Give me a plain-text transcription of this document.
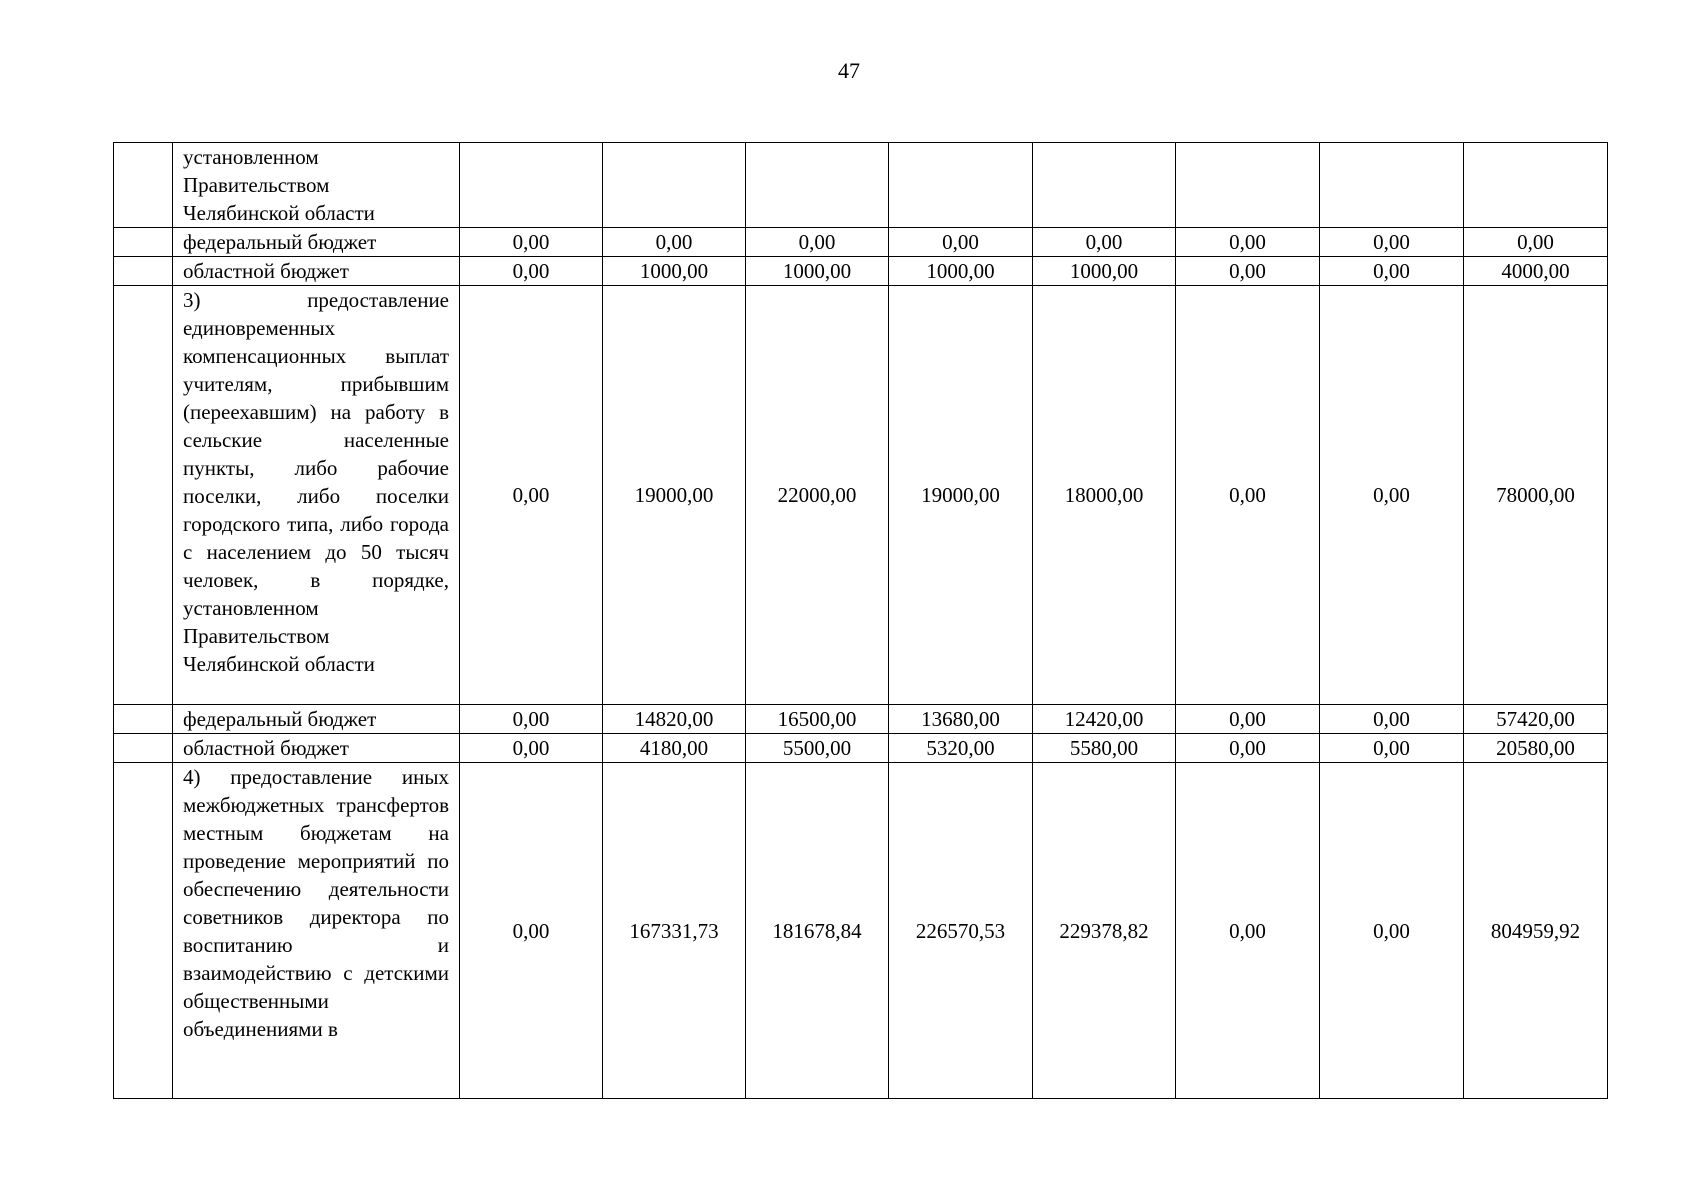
47
	установленном Правительством Челябинской области								
	федеральный бюджет	0,00	0,00	0,00	0,00	0,00	0,00	0,00	0,00
	областной бюджет	0,00	1000,00	1000,00	1000,00	1000,00	0,00	0,00	4000,00
	3) предоставление единовременных компенсационных выплат учителям, прибывшим (переехавшим) на работу в сельские населенные пункты, либо рабочие поселки, либо поселки городского типа, либо города с населением до 50 тысяч человек, в порядке, установленном Правительством Челябинской области	0,00	19000,00	22000,00	19000,00	18000,00	0,00	0,00	78000,00
	федеральный бюджет	0,00	14820,00	16500,00	13680,00	12420,00	0,00	0,00	57420,00
	областной бюджет	0,00	4180,00	5500,00	5320,00	5580,00	0,00	0,00	20580,00
	4) предоставление иных межбюджетных трансфертов местным бюджетам на проведение мероприятий по обеспечению деятельности советников директора по воспитанию и взаимодействию с детскими общественными объединениями в	0,00	167331,73	181678,84	226570,53	229378,82	0,00	0,00	804959,92
